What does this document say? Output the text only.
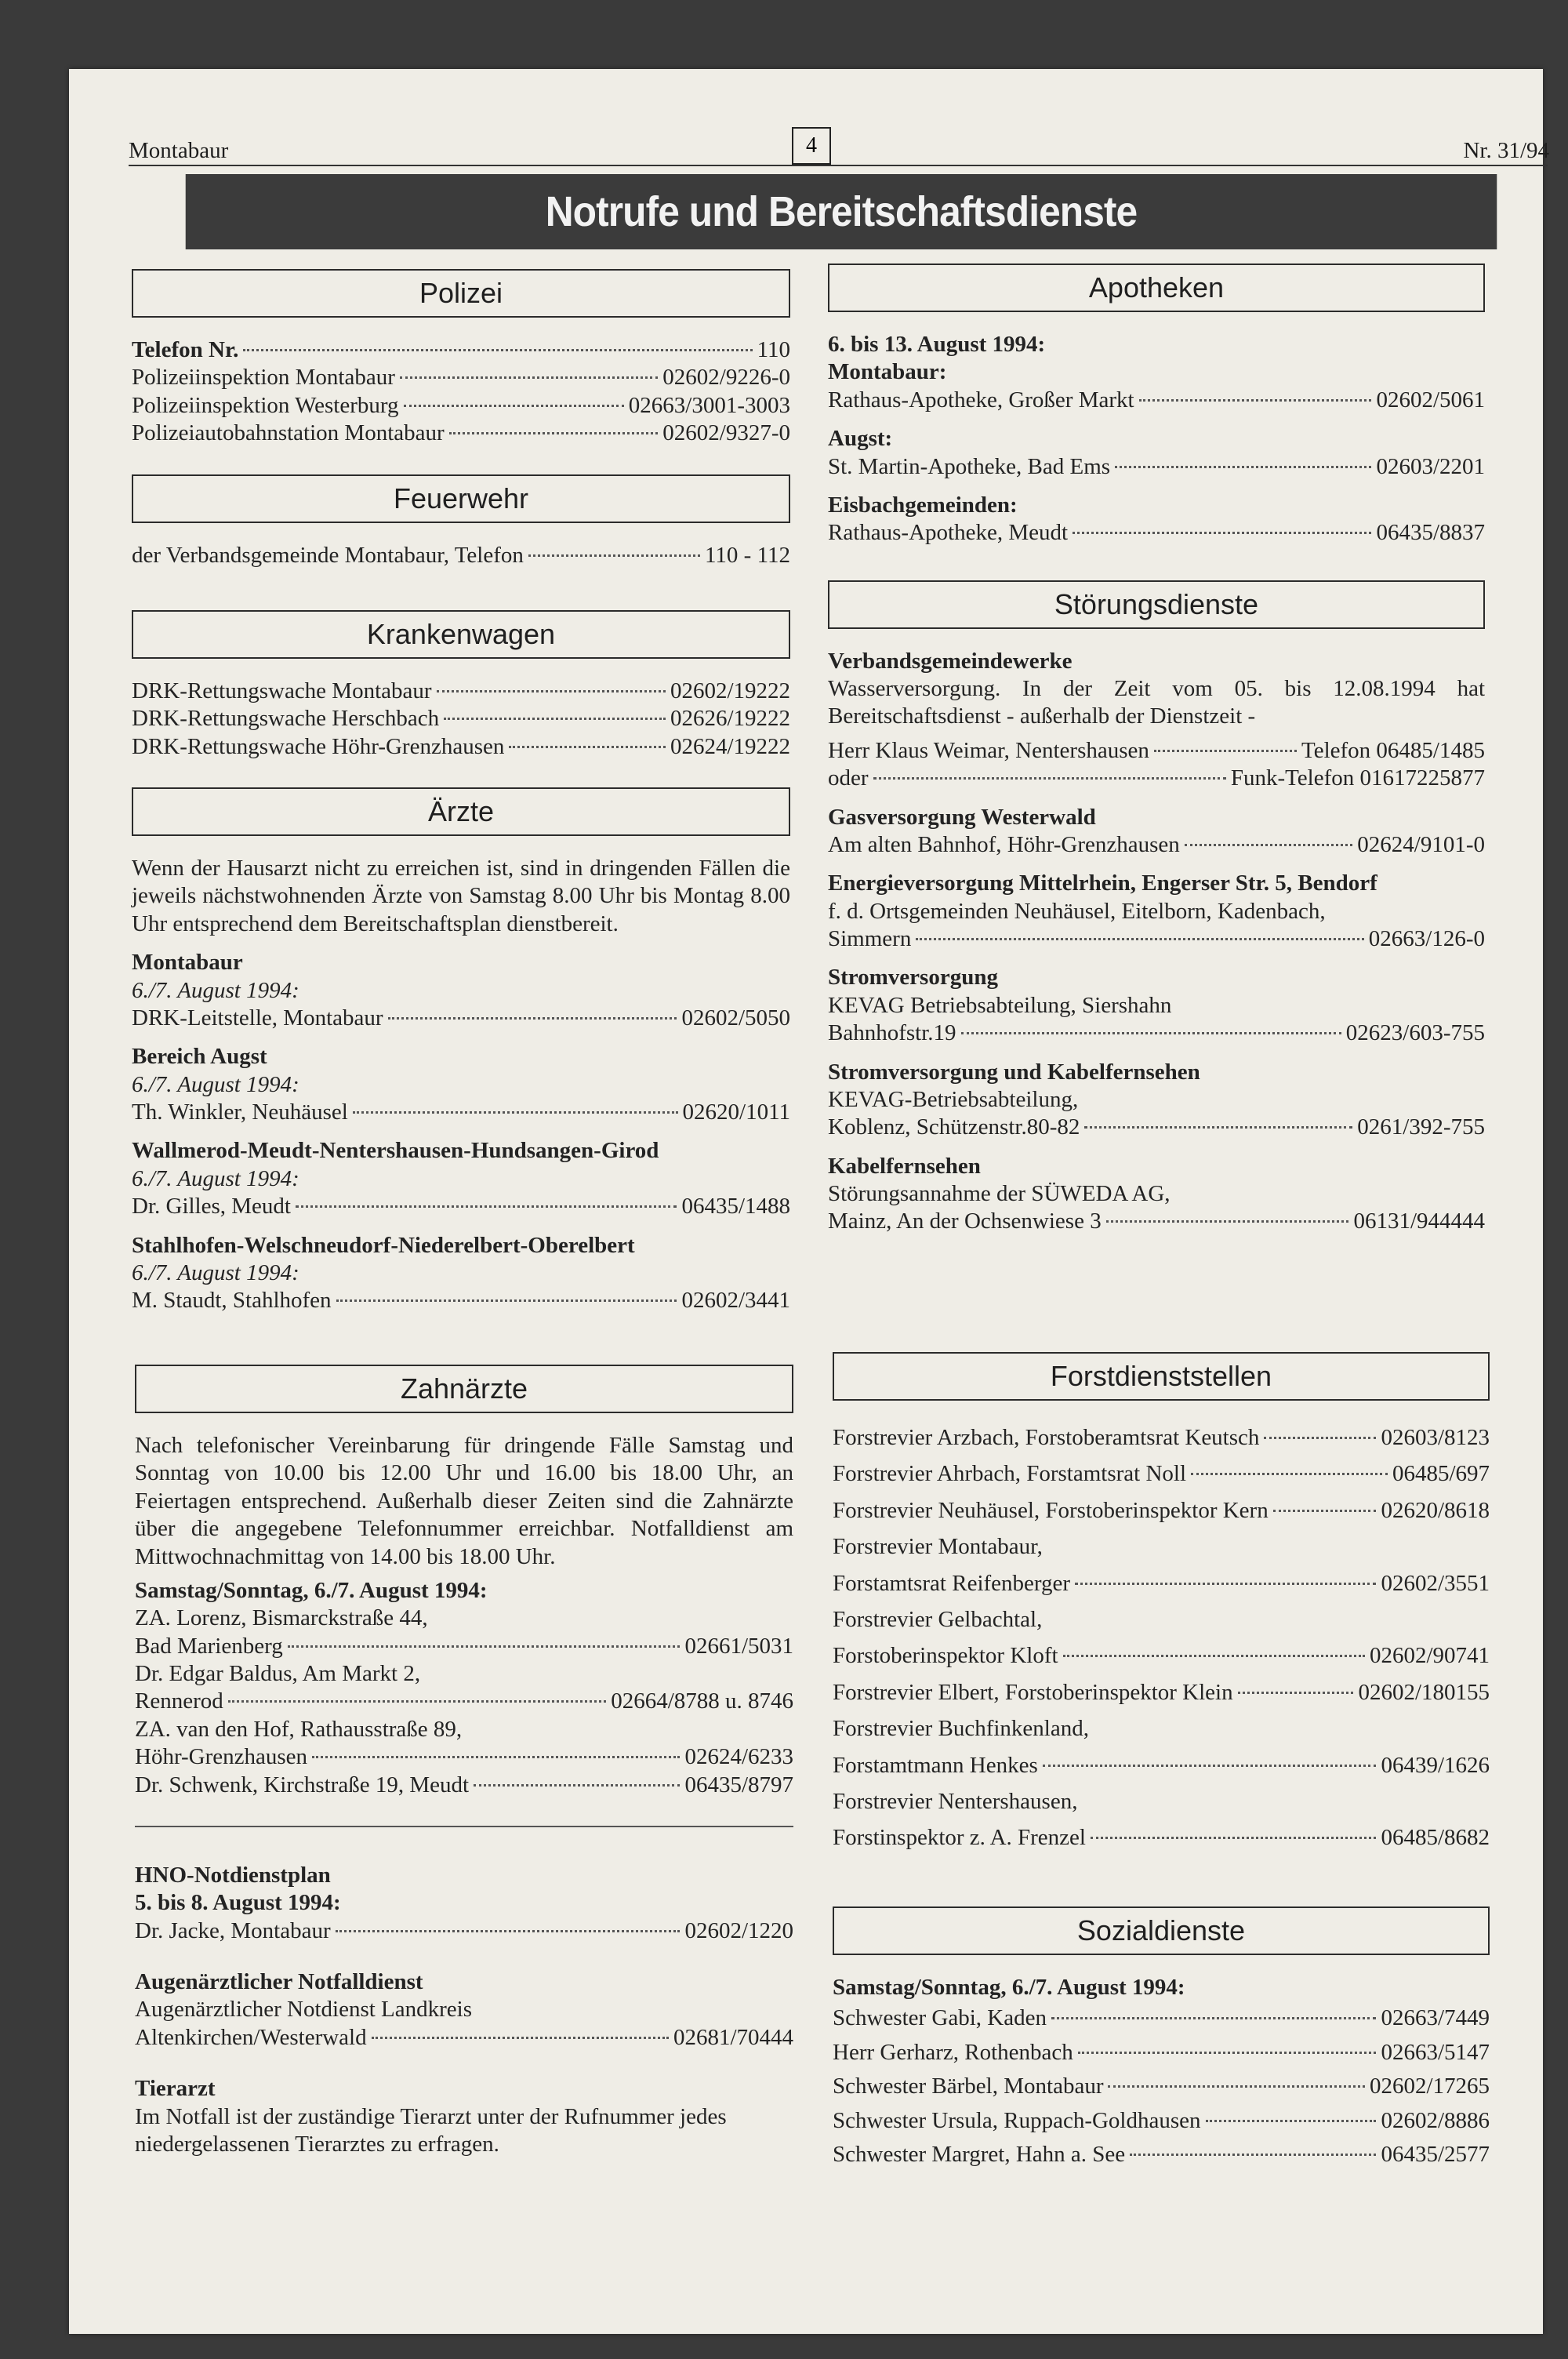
Montabaur	4	Nr. 31/94
Notrufe und Bereitschaftsdienste
Polizei
Telefon Nr.	110
Polizeiinspektion Montabaur	02602/9226-0
Polizeiinspektion Westerburg	02663/3001-3003
Polizeiautobahnstation Montabaur	02602/9327-0
Feuerwehr
der Verbandsgemeinde Montabaur, Telefon	110 - 112
Krankenwagen
DRK-Rettungswache Montabaur	02602/19222
DRK-Rettungswache Herschbach	02626/19222
DRK-Rettungswache Höhr-Grenzhausen	02624/19222
Ärzte
Wenn der Hausarzt nicht zu erreichen ist, sind in dringenden Fällen die jeweils nächstwohnenden Ärzte von Samstag 8.00 Uhr bis Montag 8.00 Uhr entsprechend dem Bereitschaftsplan dienstbereit.
Montabaur
6./7. August 1994:
DRK-Leitstelle, Montabaur	02602/5050
Bereich Augst
6./7. August 1994:
Th. Winkler, Neuhäusel	02620/1011
Wallmerod-Meudt-Nentershausen-Hundsangen-Girod
6./7. August 1994:
Dr. Gilles, Meudt	06435/1488
Stahlhofen-Welschneudorf-Niederelbert-Oberelbert
6./7. August 1994:
M. Staudt, Stahlhofen	02602/3441
Zahnärzte
Nach telefonischer Vereinbarung für dringende Fälle Samstag und Sonntag von 10.00 bis 12.00 Uhr und 16.00 bis 18.00 Uhr, an Feiertagen entsprechend. Außerhalb dieser Zeiten sind die Zahnärzte über die angegebene Telefonnummer erreichbar. Notfalldienst am Mittwochnachmittag von 14.00 bis 18.00 Uhr.
Samstag/Sonntag, 6./7. August 1994:
ZA. Lorenz, Bismarckstraße 44,
Bad Marienberg	02661/5031
Dr. Edgar Baldus, Am Markt 2,
Rennerod	02664/8788 u. 8746
ZA. van den Hof, Rathausstraße 89,
Höhr-Grenzhausen	02624/6233
Dr. Schwenk, Kirchstraße 19, Meudt	06435/8797
HNO-Notdienstplan
5. bis 8. August 1994:
Dr. Jacke, Montabaur	02602/1220
Augenärztlicher Notfalldienst
Augenärztlicher Notdienst Landkreis
Altenkirchen/Westerwald	02681/70444
Tierarzt
Im Notfall ist der zuständige Tierarzt unter der Rufnummer jedes niedergelassenen Tierarztes zu erfragen.
Apotheken
6. bis 13. August 1994:
Montabaur:
Rathaus-Apotheke, Großer Markt	02602/5061
Augst:
St. Martin-Apotheke, Bad Ems	02603/2201
Eisbachgemeinden:
Rathaus-Apotheke, Meudt	06435/8837
Störungsdienste
Verbandsgemeindewerke
Wasserversorgung. In der Zeit vom 05. bis 12.08.1994 hat Bereitschaftsdienst - außerhalb der Dienstzeit -
Herr Klaus Weimar, Nentershausen	Telefon 06485/1485
oder	Funk-Telefon 01617225877
Gasversorgung Westerwald
Am alten Bahnhof, Höhr-Grenzhausen	02624/9101-0
Energieversorgung Mittelrhein, Engerser Str. 5, Bendorf
f. d. Ortsgemeinden Neuhäusel, Eitelborn, Kadenbach,
Simmern	02663/126-0
Stromversorgung
KEVAG Betriebsabteilung, Siershahn
Bahnhofstr.19	02623/603-755
Stromversorgung und Kabelfernsehen
KEVAG-Betriebsabteilung,
Koblenz, Schützenstr.80-82	0261/392-755
Kabelfernsehen
Störungsannahme der SÜWEDA AG,
Mainz, An der Ochsenwiese 3	06131/944444
Forstdienststellen
Forstrevier Arzbach, Forstoberamtsrat Keutsch	02603/8123
Forstrevier Ahrbach, Forstamtsrat Noll	06485/697
Forstrevier Neuhäusel, Forstoberinspektor Kern	02620/8618
Forstrevier Montabaur,
Forstamtsrat Reifenberger	02602/3551
Forstrevier Gelbachtal,
Forstoberinspektor Kloft	02602/90741
Forstrevier Elbert, Forstoberinspektor Klein	02602/180155
Forstrevier Buchfinkenland,
Forstamtmann Henkes	06439/1626
Forstrevier Nentershausen,
Forstinspektor z. A. Frenzel	06485/8682
Sozialdienste
Samstag/Sonntag, 6./7. August 1994:
Schwester Gabi, Kaden	02663/7449
Herr Gerharz, Rothenbach	02663/5147
Schwester Bärbel, Montabaur	02602/17265
Schwester Ursula, Ruppach-Goldhausen	02602/8886
Schwester Margret, Hahn a. See	06435/2577
